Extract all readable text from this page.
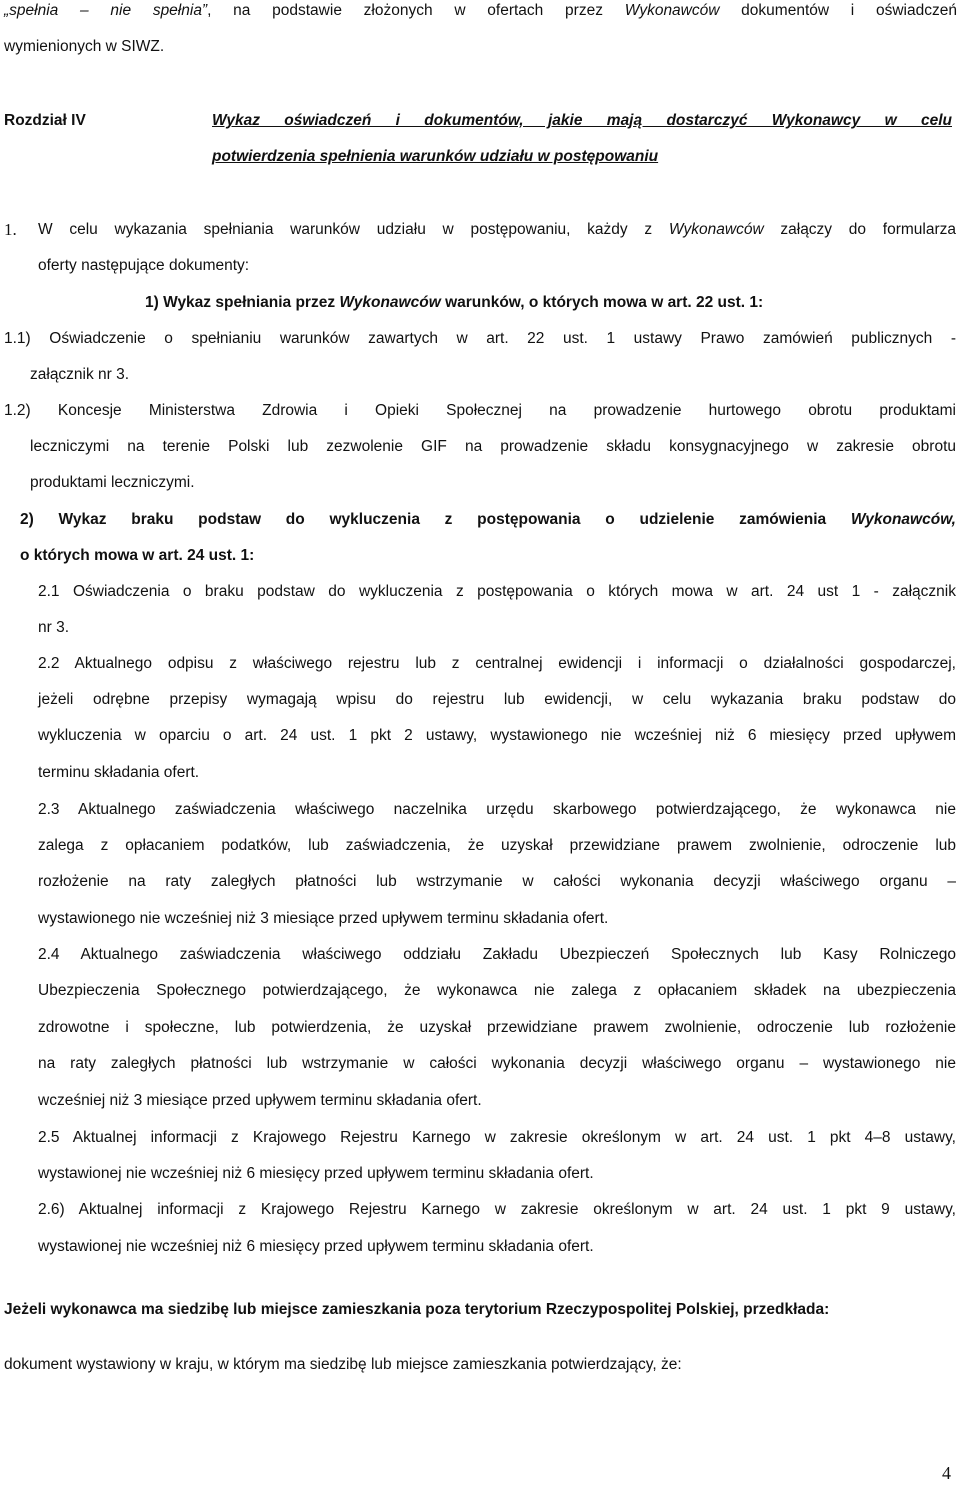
„spełnia – nie spełnia”, na podstawie złożonych w ofertach przez Wykonawców dokumentów i oświadczeń

wymienionych w SIWZ.

Rozdział IV	Wykaz oświadczeń i dokumentów, jakie mają dostarczyć Wykonawcy w celu

potwierdzenia spełnienia warunków udziału w postępowaniu

1. W celu wykazania spełniania warunków udziału w postępowaniu, każdy z Wykonawców załączy do formularza

oferty następujące dokumenty:

1) Wykaz spełniania przez Wykonawców warunków, o których mowa w art. 22 ust. 1:

1.1) Oświadczenie o spełnianiu warunków zawartych w art. 22 ust. 1 ustawy Prawo zamówień publicznych -

załącznik nr 3.

1.2) Koncesje Ministerstwa Zdrowia i Opieki Społecznej na prowadzenie hurtowego obrotu produktami

leczniczymi na terenie Polski lub zezwolenie GIF na prowadzenie składu konsygnacyjnego w zakresie obrotu

produktami leczniczymi.

2) Wykaz braku podstaw do wykluczenia z postępowania o udzielenie zamówienia Wykonawców,

o których mowa w art. 24 ust. 1:

2.1 Oświadczenia o braku podstaw do wykluczenia z postępowania o których mowa w art. 24 ust 1 - załącznik

nr 3.

2.2 Aktualnego odpisu z właściwego rejestru lub z centralnej ewidencji i informacji o działalności gospodarczej,

jeżeli odrębne przepisy wymagają wpisu do rejestru lub ewidencji, w celu wykazania braku podstaw do

wykluczenia w oparciu o art. 24 ust. 1 pkt 2 ustawy, wystawionego nie wcześniej niż 6 miesięcy przed upływem

terminu składania ofert.

2.3 Aktualnego zaświadczenia właściwego naczelnika urzędu skarbowego potwierdzającego, że wykonawca nie

zalega z opłacaniem podatków, lub zaświadczenia, że uzyskał przewidziane prawem zwolnienie, odroczenie lub

rozłożenie na raty zaległych płatności lub wstrzymanie w całości wykonania decyzji właściwego organu –

wystawionego nie wcześniej niż 3 miesiące przed upływem terminu składania ofert.

2.4 Aktualnego zaświadczenia właściwego oddziału Zakładu Ubezpieczeń Społecznych lub Kasy Rolniczego

Ubezpieczenia Społecznego potwierdzającego, że wykonawca nie zalega z opłacaniem składek na ubezpieczenia

zdrowotne i społeczne, lub potwierdzenia, że uzyskał przewidziane prawem zwolnienie, odroczenie lub rozłożenie

na raty zaległych płatności lub wstrzymanie w całości wykonania decyzji właściwego organu – wystawionego nie

wcześniej niż 3 miesiące przed upływem terminu składania ofert.

2.5 Aktualnej informacji z Krajowego Rejestru Karnego w zakresie określonym w art. 24 ust. 1 pkt 4–8 ustawy,

wystawionej nie wcześniej niż 6 miesięcy przed upływem terminu składania ofert.

2.6) Aktualnej informacji z Krajowego Rejestru Karnego w zakresie określonym w art. 24 ust. 1 pkt 9 ustawy,

wystawionej nie wcześniej niż 6 miesięcy przed upływem terminu składania ofert.

Jeżeli wykonawca ma siedzibę lub miejsce zamieszkania poza terytorium Rzeczypospolitej Polskiej, przedkłada:

dokument wystawiony w kraju, w którym ma siedzibę lub miejsce zamieszkania potwierdzający, że:

4
